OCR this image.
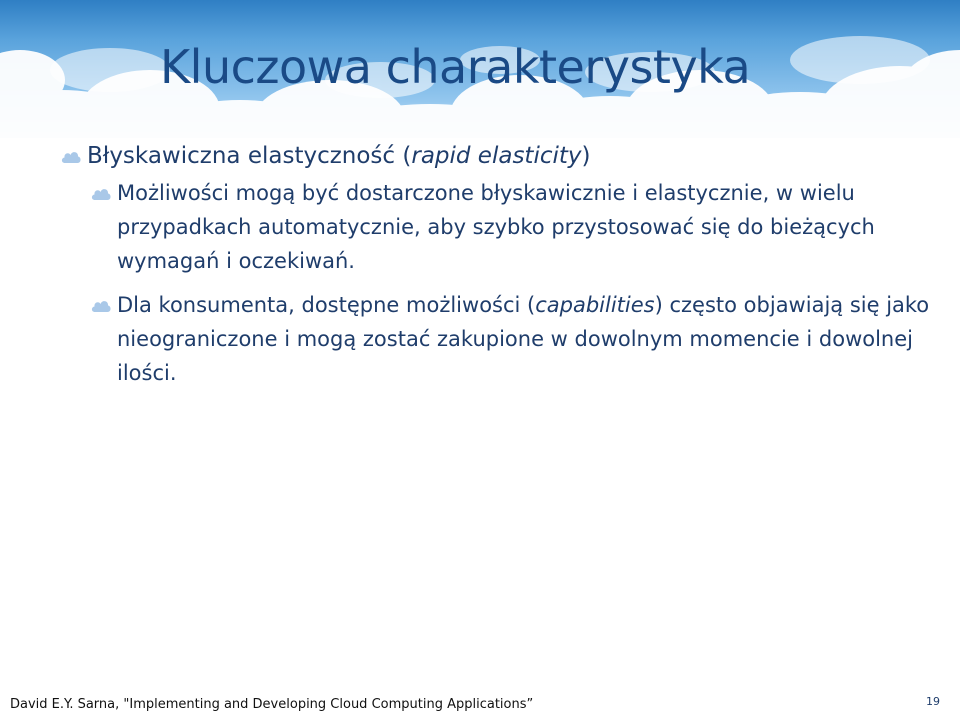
Kluczowa charakterystyka
Błyskawiczna elastyczność (rapid elasticity)
Możliwości mogą być dostarczone błyskawicznie i elastycznie, w wielu przypadkach automatycznie, aby szybko przystosować się do bieżących wymagań i oczekiwań.
Dla konsumenta, dostępne możliwości (capabilities) często objawiają się jako nieograniczone i mogą zostać zakupione w dowolnym momencie i dowolnej ilości.
David E.Y. Sarna, "Implementing and Developing Cloud Computing Applications”	19
